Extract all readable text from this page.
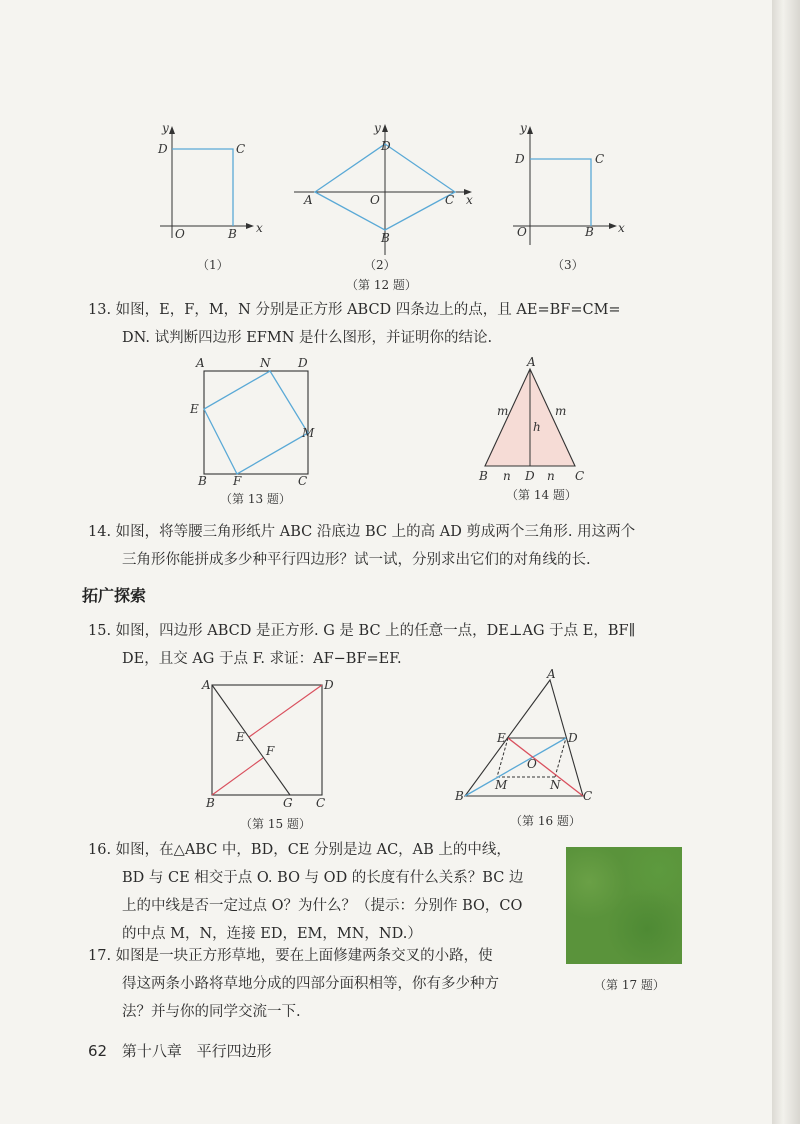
y
x
D	C
O	B
（1）
y
x
D
A	C
O
B
（2）
（第 12 题）
y
x
D	C
O	B
（3）
13. 如图，E，F，M，N 分别是正方形 ABCD 四条边上的点，且 AE=BF=CM=
DN. 试判断四边形 EFMN 是什么图形，并证明你的结论.
A	N D
E
M
B F	C
（第 13 题）
A
m	m
h
B n D n C
（第 14 题）
14. 如图，将等腰三角形纸片 ABC 沿底边 BC 上的高 AD 剪成两个三角形. 用这两个
三角形你能拼成多少种平行四边形？试一试，分别求出它们的对角线的长.
拓广探索
15. 如图，四边形 ABCD 是正方形. G 是 BC 上的任意一点，DE⊥AG 于点 E，BF∥
DE，且交 AG 于点 F. 求证：AF−BF=EF.
A	D
E
F
B	G C
（第 15 题）
A
E	D
O
M	N
B	C
（第 16 题）
16. 如图，在△ABC 中，BD，CE 分别是边 AC，AB 上的中线，
BD 与 CE 相交于点 O. BO 与 OD 的长度有什么关系？BC 边
上的中线是否一定过点 O？为什么？（提示：分别作 BO，CO
的中点 M，N，连接 ED，EM，MN，ND.）
17. 如图是一块正方形草地，要在上面修建两条交叉的小路，使
得这两条小路将草地分成的四部分面积相等，你有多少种方
法？并与你的同学交流一下.
（第 17 题）
62 第十八章 平行四边形
